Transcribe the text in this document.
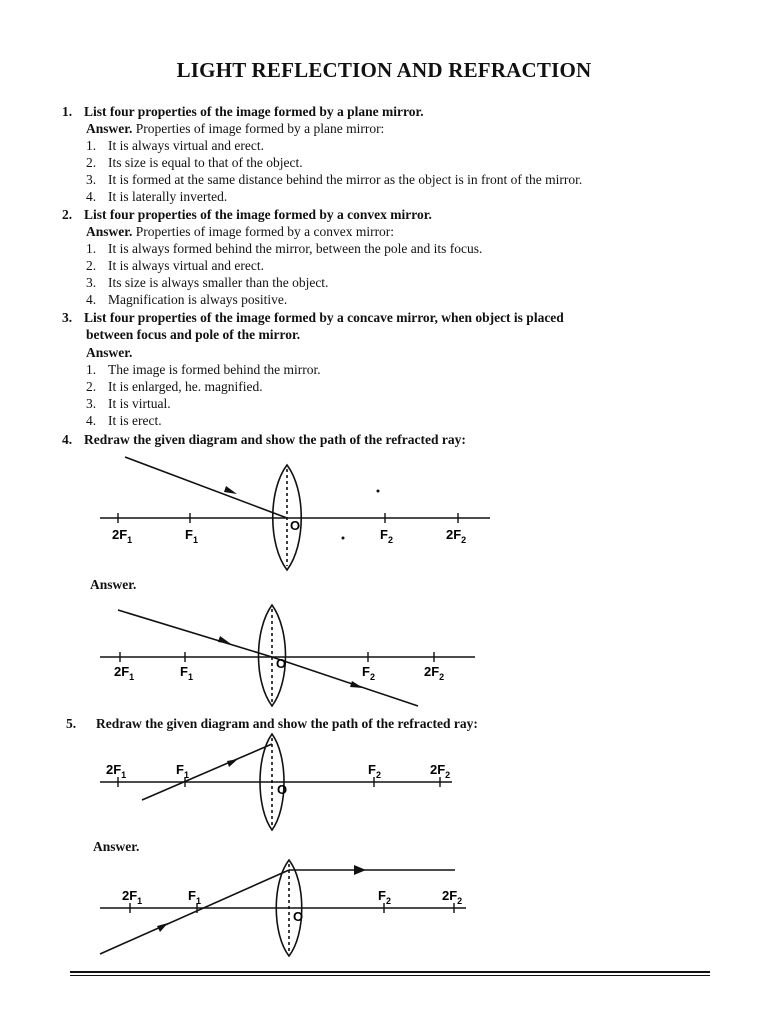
LIGHT REFLECTION AND REFRACTION
1. List four properties of the image formed by a plane mirror.
Answer. Properties of image formed by a plane mirror:
1. It is always virtual and erect.
2. Its size is equal to that of the object.
3. It is formed at the same distance behind the mirror as the object is in front of the mirror.
4. It is laterally inverted.
2. List four properties of the image formed by a convex mirror.
Answer. Properties of image formed by a convex mirror:
1. It is always formed behind the mirror, between the pole and its focus.
2. It is always virtual and erect.
3. Its size is always smaller than the object.
4. Magnification is always positive.
3. List four properties of the image formed by a concave mirror, when object is placed
between focus and pole of the mirror.
Answer.
1. The image is formed behind the mirror.
2. It is enlarged, he. magnified.
3. It is virtual.
4. It is erect.
4. Redraw the given diagram and show the path of the refracted ray:
$2F_1$	$F_1$
O
$F_2$	$2F_2$
Answer.
$2F_1$	$F_1$
O
$F_2$	$2F_2$
5. Redraw the given diagram and show the path of the refracted ray:
$2F_1$	$F_1$
O
$F_2$	$2F_2$
Answer.
$2F_1$	$F_1$
O
$F_2$	$2F_2$
